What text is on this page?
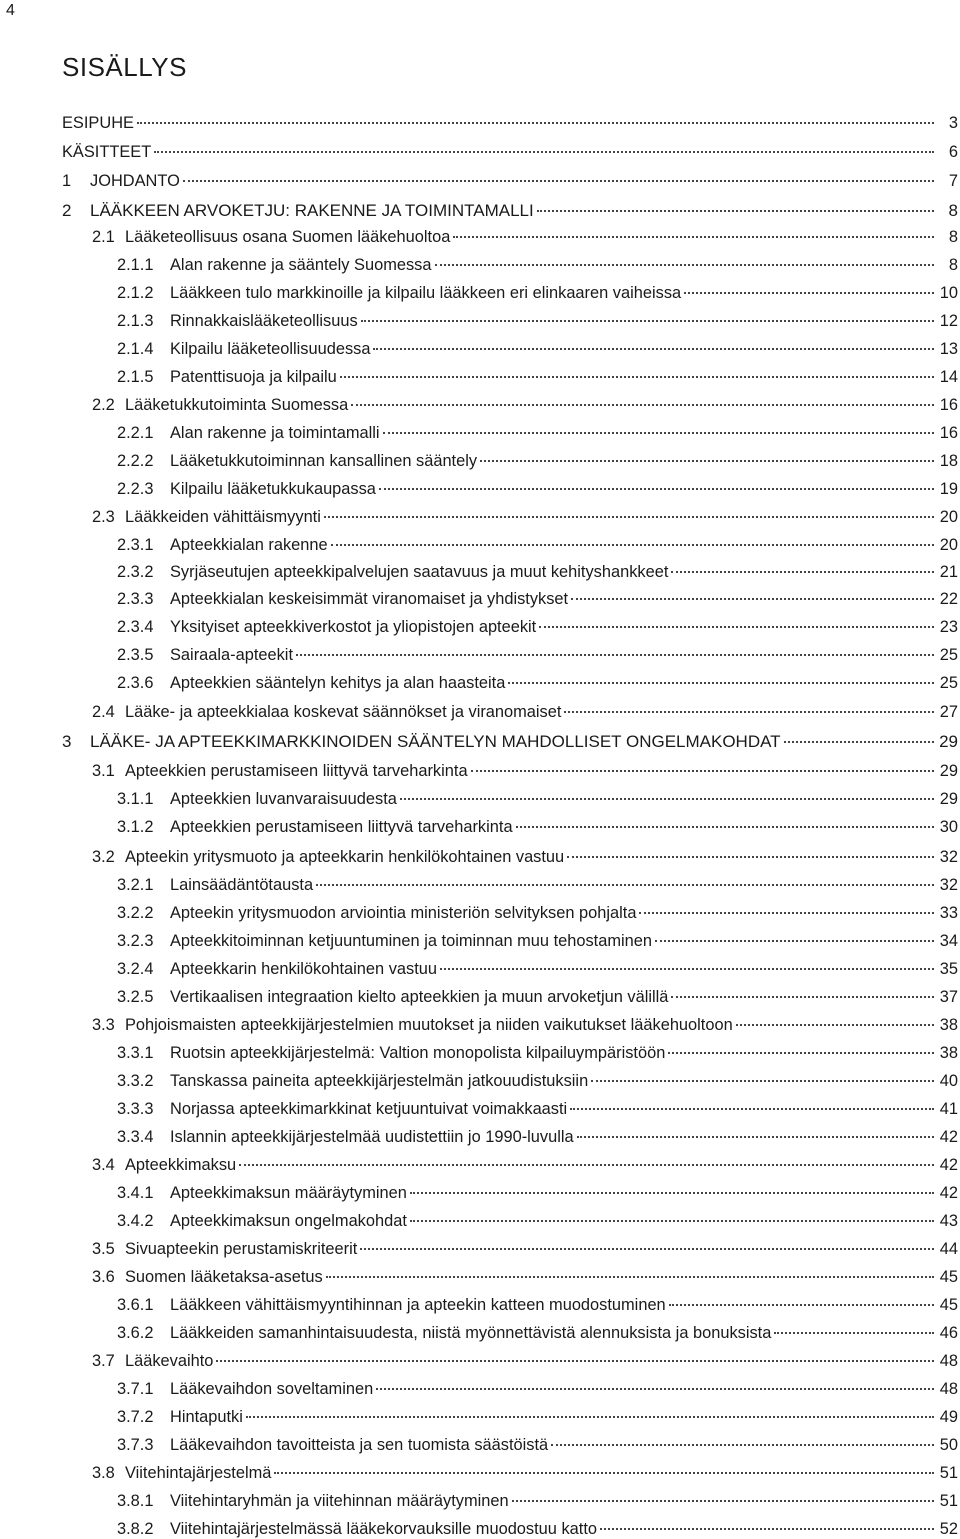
4
SISÄLLYS
ESIPUHE	3
KÄSITTEET	6
1	JOHDANTO	7
2	LÄÄKKEEN ARVOKETJU: RAKENNE JA TOIMINTAMALLI	8
2.1 Lääketeollisuus osana Suomen lääkehuoltoa	8
2.1.1	Alan rakenne ja sääntely Suomessa	8
2.1.2	Lääkkeen tulo markkinoille ja kilpailu lääkkeen eri elinkaaren vaiheissa	10
2.1.3	Rinnakkaislääketeollisuus	12
2.1.4	Kilpailu lääketeollisuudessa	13
2.1.5	Patenttisuoja ja kilpailu	14
2.2 Lääketukkutoiminta Suomessa	16
2.2.1	Alan rakenne ja toimintamalli	16
2.2.2	Lääketukkutoiminnan kansallinen sääntely	18
2.2.3	Kilpailu lääketukkukaupassa	19
2.3 Lääkkeiden vähittäismyynti	20
2.3.1	Apteekkialan rakenne	20
2.3.2	Syrjäseutujen apteekkipalvelujen saatavuus ja muut kehityshankkeet	21
2.3.3	Apteekkialan keskeisimmät viranomaiset ja yhdistykset	22
2.3.4	Yksityiset apteekkiverkostot ja yliopistojen apteekit	23
2.3.5	Sairaala-apteekit	25
2.3.6	Apteekkien sääntelyn kehitys ja alan haasteita	25
2.4 Lääke- ja apteekkialaa koskevat säännökset ja viranomaiset	27
3	LÄÄKE- JA APTEEKKIMARKKINOIDEN SÄÄNTELYN MAHDOLLISET ONGELMAKOHDAT	29
3.1 Apteekkien perustamiseen liittyvä tarveharkinta	29
3.1.1	Apteekkien luvanvaraisuudesta	29
3.1.2	Apteekkien perustamiseen liittyvä tarveharkinta	30
3.2 Apteekin yritysmuoto ja apteekkarin henkilökohtainen vastuu	32
3.2.1	Lainsäädäntötausta	32
3.2.2	Apteekin yritysmuodon arviointia ministeriön selvityksen pohjalta	33
3.2.3	Apteekkitoiminnan ketjuuntuminen ja toiminnan muu tehostaminen	34
3.2.4	Apteekkarin henkilökohtainen vastuu	35
3.2.5	Vertikaalisen integraation kielto apteekkien ja muun arvoketjun välillä	37
3.3 Pohjoismaisten apteekkijärjestelmien muutokset ja niiden vaikutukset lääkehuoltoon	38
3.3.1	Ruotsin apteekkijärjestelmä: Valtion monopolista kilpailuympäristöön	38
3.3.2	Tanskassa paineita apteekkijärjestelmän jatkouudistuksiin	40
3.3.3	Norjassa apteekkimarkkinat ketjuuntuivat voimakkaasti	41
3.3.4	Islannin apteekkijärjestelmää uudistettiin jo 1990-luvulla	42
3.4 Apteekkimaksu	42
3.4.1	Apteekkimaksun määräytyminen	42
3.4.2	Apteekkimaksun ongelmakohdat	43
3.5 Sivuapteekin perustamiskriteerit	44
3.6 Suomen lääketaksa-asetus	45
3.6.1	Lääkkeen vähittäismyyntihinnan ja apteekin katteen muodostuminen	45
3.6.2	Lääkkeiden samanhintaisuudesta, niistä myönnettävistä alennuksista ja bonuksista	46
3.7 Lääkevaihto	48
3.7.1	Lääkevaihdon soveltaminen	48
3.7.2	Hintaputki	49
3.7.3	Lääkevaihdon tavoitteista ja sen tuomista säästöistä	50
3.8 Viitehintajärjestelmä	51
3.8.1	Viitehintaryhmän ja viitehinnan määräytyminen	51
3.8.2	Viitehintajärjestelmässä lääkekorvauksille muodostuu katto	52
